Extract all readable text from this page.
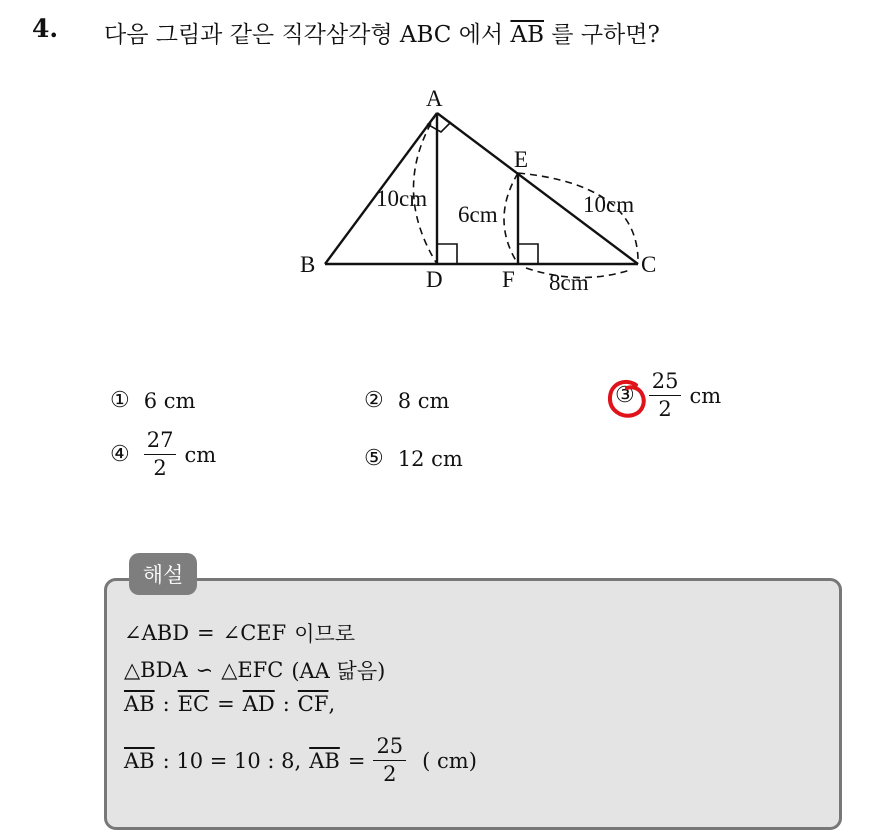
4. 다음 그림과 같은 직각삼각형 ABC 에서 $\overline{AB}$ 를 구하면?
A
B	C
D
E
F
10cm
6cm	10cm
8cm
① 6 cm	② 8 cm	③ $\frac{25}{2}$ cm
④ $\frac{27}{2}$ cm	⑤ 12 cm
해설
∠ABD = ∠CEF 이므로
△BDA ∽ △EFC (AA 닮음)
$\overline{AB}$ : $\overline{EC} = \overline{AD}$ : $\overline{CF}$ ,
$\overline{AB}$ : 10 = 10 : 8, $\overline{AB} = \frac{25}{2}$ ( cm)
